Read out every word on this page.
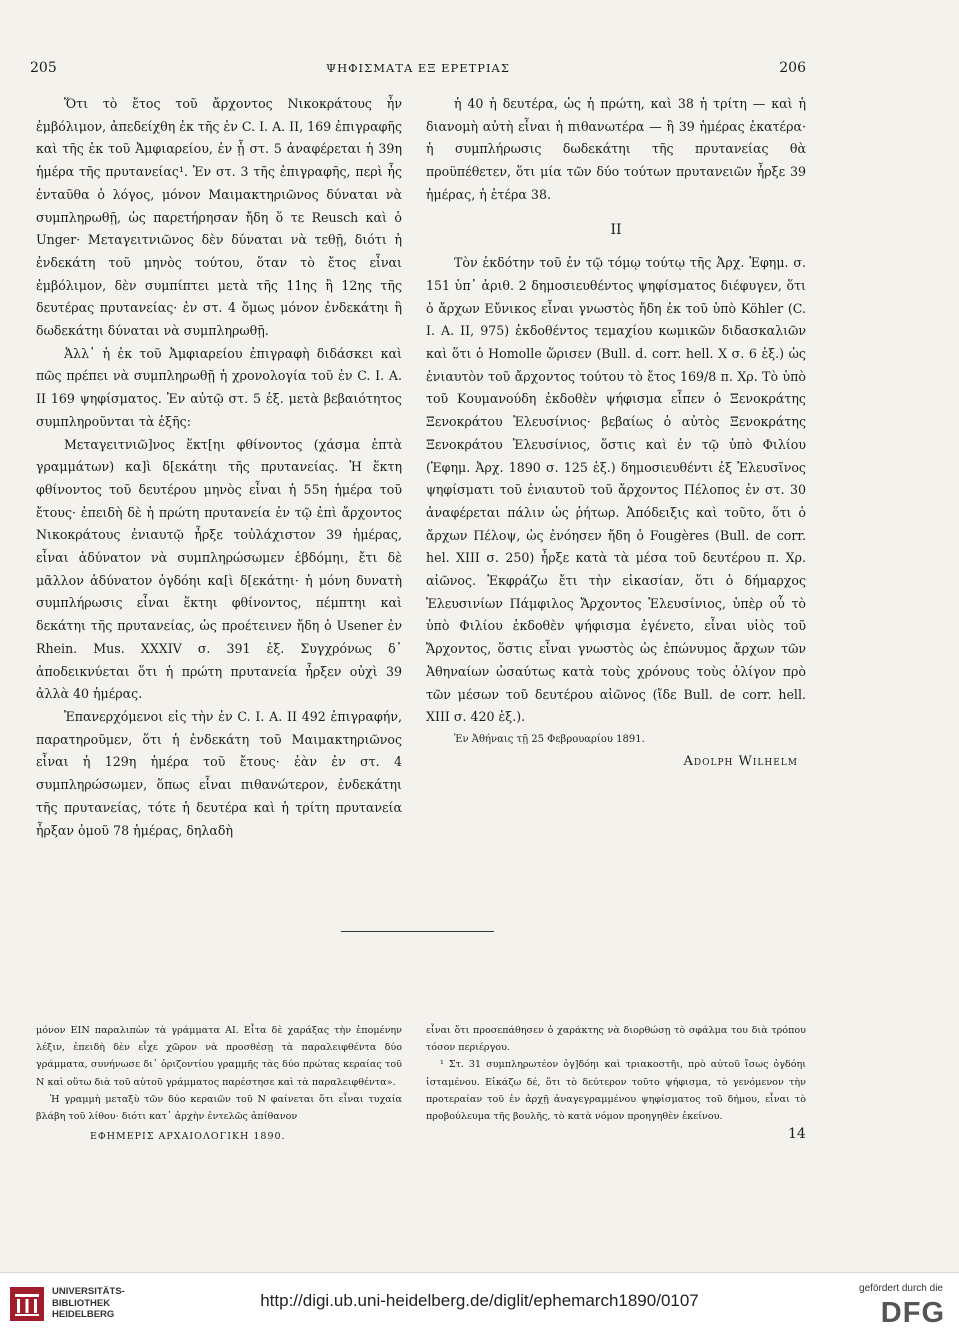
205	ΨΗΦΙΣΜΑΤΑ ΕΞ ΕΡΕΤΡΙΑΣ	206

Ὅτι τὸ ἔτος τοῦ ἄρχοντος Νικοκράτους ἦν ἐμβόλιμον, ἀπεδείχθη ἐκ τῆς ἐν C. I. A. II, 169 ἐπιγραφῆς καὶ τῆς ἐκ τοῦ Ἀμφιαρείου, ἐν ᾗ στ. 5 ἀναφέρεται ἡ 39η ἡμέρα τῆς πρυτανείας¹. Ἐν στ. 3 τῆς ἐπιγραφῆς, περὶ ἧς ἐνταῦθα ὁ λόγος, μόνον Μαιμακτηριῶνος δύναται νὰ συμπληρωθῇ, ὡς παρετήρησαν ἤδη ὅ τε Reusch καὶ ὁ Unger· Μεταγειτνιῶνος δὲν δύναται νὰ τεθῇ, διότι ἡ ἐνδεκάτη τοῦ μηνὸς τούτου, ὅταν τὸ ἔτος εἶναι ἐμβόλιμον, δὲν συμπίπτει μετὰ τῆς 11ης ἢ 12ης τῆς δευτέρας πρυτανείας· ἐν στ. 4 ὅμως μόνον ἐνδεκάτηι ἢ δωδεκάτηι δύναται νὰ συμπληρωθῇ.

Ἀλλ᾽ ἡ ἐκ τοῦ Ἀμφιαρείου ἐπιγραφὴ διδάσκει καὶ πῶς πρέπει νὰ συμπληρωθῇ ἡ χρονολογία τοῦ ἐν C. I. A. II 169 ψηφίσματος. Ἐν αὐτῷ στ. 5 ἑξ. μετὰ βεβαιότητος συμπληροῦνται τὰ ἑξῆς:

Μεταγειτνιῶ]νος ἕκτ[ηι φθίνοντος (χάσμα ἑπτὰ γραμμάτων) κα]ὶ δ[εκάτηι τῆς πρυτανείας. Ἡ ἕκτη φθίνοντος τοῦ δευτέρου μηνὸς εἶναι ἡ 55η ἡμέρα τοῦ ἔτους· ἐπειδὴ δὲ ἡ πρώτη πρυτανεία ἐν τῷ ἐπὶ ἄρχοντος Νικοκράτους ἐνιαυτῷ ἦρξε τοὐλάχιστον 39 ἡμέρας, εἶναι ἀδύνατον νὰ συμπληρώσωμεν ἑβδόμηι, ἔτι δὲ μᾶλλον ἀδύνατον ὀγδόηι κα[ὶ δ[εκάτηι· ἡ μόνη δυνατὴ συμπλήρωσις εἶναι ἕκτηι φθίνοντος, πέμπτηι καὶ δεκάτηι τῆς πρυτανείας, ὡς προέτεινεν ἤδη ὁ Usener ἐν Rhein. Mus. XXXIV σ. 391 ἑξ. Συγχρόνως δ᾽ ἀποδεικνύεται ὅτι ἡ πρώτη πρυτανεία ἦρξεν οὐχὶ 39 ἀλλὰ 40 ἡμέρας.

Ἐπανερχόμενοι εἰς τὴν ἐν C. I. A. II 492 ἐπιγραφήν, παρατηροῦμεν, ὅτι ἡ ἐνδεκάτη τοῦ Μαιμακτηριῶνος εἶναι ἡ 129η ἡμέρα τοῦ ἔτους· ἐὰν ἐν στ. 4 συμπληρώσωμεν, ὅπως εἶναι πιθανώτερον, ἐνδεκάτηι τῆς πρυτανείας, τότε ἡ δευτέρα καὶ ἡ τρίτη πρυτανεία ἦρξαν ὁμοῦ 78 ἡμέρας, δηλαδὴ

ἡ 40 ἡ δευτέρα, ὡς ἡ πρώτη, καὶ 38 ἡ τρίτη — καὶ ἡ διανομὴ αὐτὴ εἶναι ἡ πιθανωτέρα — ἢ 39 ἡμέρας ἑκατέρα· ἡ συμπλήρωσις δωδεκάτηι τῆς πρυτανείας θὰ προϋπέθετεν, ὅτι μία τῶν δύο τούτων πρυτανειῶν ἦρξε 39 ἡμέρας, ἡ ἑτέρα 38.

II

Τὸν ἐκδότην τοῦ ἐν τῷ τόμῳ τούτῳ τῆς Ἀρχ. Ἐφημ. σ. 151 ὑπ᾽ ἀριθ. 2 δημοσιευθέντος ψηφίσματος διέφυγεν, ὅτι ὁ ἄρχων Εὔνικος εἶναι γνωστὸς ἤδη ἐκ τοῦ ὑπὸ Köhler (C. I. A. II, 975) ἐκδοθέντος τεμαχίου κωμικῶν διδασκαλιῶν καὶ ὅτι ὁ Homolle ὥρισεν (Bull. d. corr. hell. X σ. 6 ἑξ.) ὡς ἐνιαυτὸν τοῦ ἄρχοντος τούτου τὸ ἔτος 169/8 π. Χρ. Τὸ ὑπὸ τοῦ Κουμανούδη ἐκδοθὲν ψήφισμα εἶπεν ὁ Ξενοκράτης Ξενοκράτου Ἐλευσίνιος· βεβαίως ὁ αὐτὸς Ξενοκράτης Ξενοκράτου Ἐλευσίνιος, ὅστις καὶ ἐν τῷ ὑπὸ Φιλίου (Ἐφημ. Ἀρχ. 1890 σ. 125 ἑξ.) δημοσιευθέντι ἐξ Ἐλευσῖνος ψηφίσματι τοῦ ἐνιαυτοῦ τοῦ ἄρχοντος Πέλοπος ἐν στ. 30 ἀναφέρεται πάλιν ὡς ῥήτωρ. Ἀπόδειξις καὶ τοῦτο, ὅτι ὁ ἄρχων Πέλοψ, ὡς ἐνόησεν ἤδη ὁ Fougères (Bull. de corr. hel. XIII σ. 250) ἦρξε κατὰ τὰ μέσα τοῦ δευτέρου π. Χρ. αἰῶνος. Ἐκφράζω ἔτι τὴν εἰκασίαν, ὅτι ὁ δήμαρχος Ἐλευσινίων Πάμφιλος Ἄρχοντος Ἐλευσίνιος, ὑπὲρ οὗ τὸ ὑπὸ Φιλίου ἐκδοθὲν ψήφισμα ἐγένετο, εἶναι υἱὸς τοῦ Ἄρχοντος, ὅστις εἶναι γνωστὸς ὡς ἐπώνυμος ἄρχων τῶν Ἀθηναίων ὡσαύτως κατὰ τοὺς χρόνους τοὺς ὀλίγον πρὸ τῶν μέσων τοῦ δευτέρου αἰῶνος (ἴδε Bull. de corr. hell. XIII σ. 420 ἑξ.).

Ἐν Ἀθήναις τῇ 25 Φεβρουαρίου 1891.

Adolph Wilhelm

μόνον ΕΙΝ παραλιπὼν τὰ γράμματα ΑΙ. Εἶτα δὲ χαράξας τὴν ἑπομένην λέξιν, ἐπειδὴ δὲν εἶχε χῶρον νὰ προσθέσῃ τὰ παραλειφθέντα δύο γράμματα, συνήνωσε δι᾽ ὁριζοντίου γραμμῆς τὰς δύο πρώτας κεραίας τοῦ Ν καὶ οὕτω διὰ τοῦ αὐτοῦ γράμματος παρέστησε καὶ τὰ παραλειφθέντα».

Ἡ γραμμὴ μεταξὺ τῶν δύο κεραιῶν τοῦ Ν φαίνεται ὅτι εἶναι τυχαία βλάβη τοῦ λίθου· διότι κατ᾽ ἀρχὴν ἐντελῶς ἀπίθανον

εἶναι ὅτι προσεπάθησεν ὁ χαράκτης νὰ διορθώσῃ τὸ σφάλμα του διὰ τρόπου τόσον περιέργου.

¹ Στ. 31 συμπληρωτέον ὀγ]δόηι καὶ τριακοστῆι, πρὸ αὐτοῦ ἴσως ὀγδόηι ἱσταμένου. Εἰκάζω δέ, ὅτι τὸ δεύτερον τοῦτο ψήφισμα, τὸ γενόμενον τὴν προτεραίαν τοῦ ἐν ἀρχῇ ἀναγεγραμμένου ψηφίσματος τοῦ δήμου, εἶναι τὸ προβούλευμα τῆς βουλῆς, τὸ κατὰ νόμον προηγηθὲν ἐκείνου.

ΕΦΗΜΕΡΙΣ ΑΡΧΑΙΟΛΟΓΙΚΗ 1890.	14
UNIVERSITÄTS-
BIBLIOTHEK
HEIDELBERG
http://digi.ub.uni-heidelberg.de/diglit/ephemarch1890/0107
gefördert durch die
DFG
